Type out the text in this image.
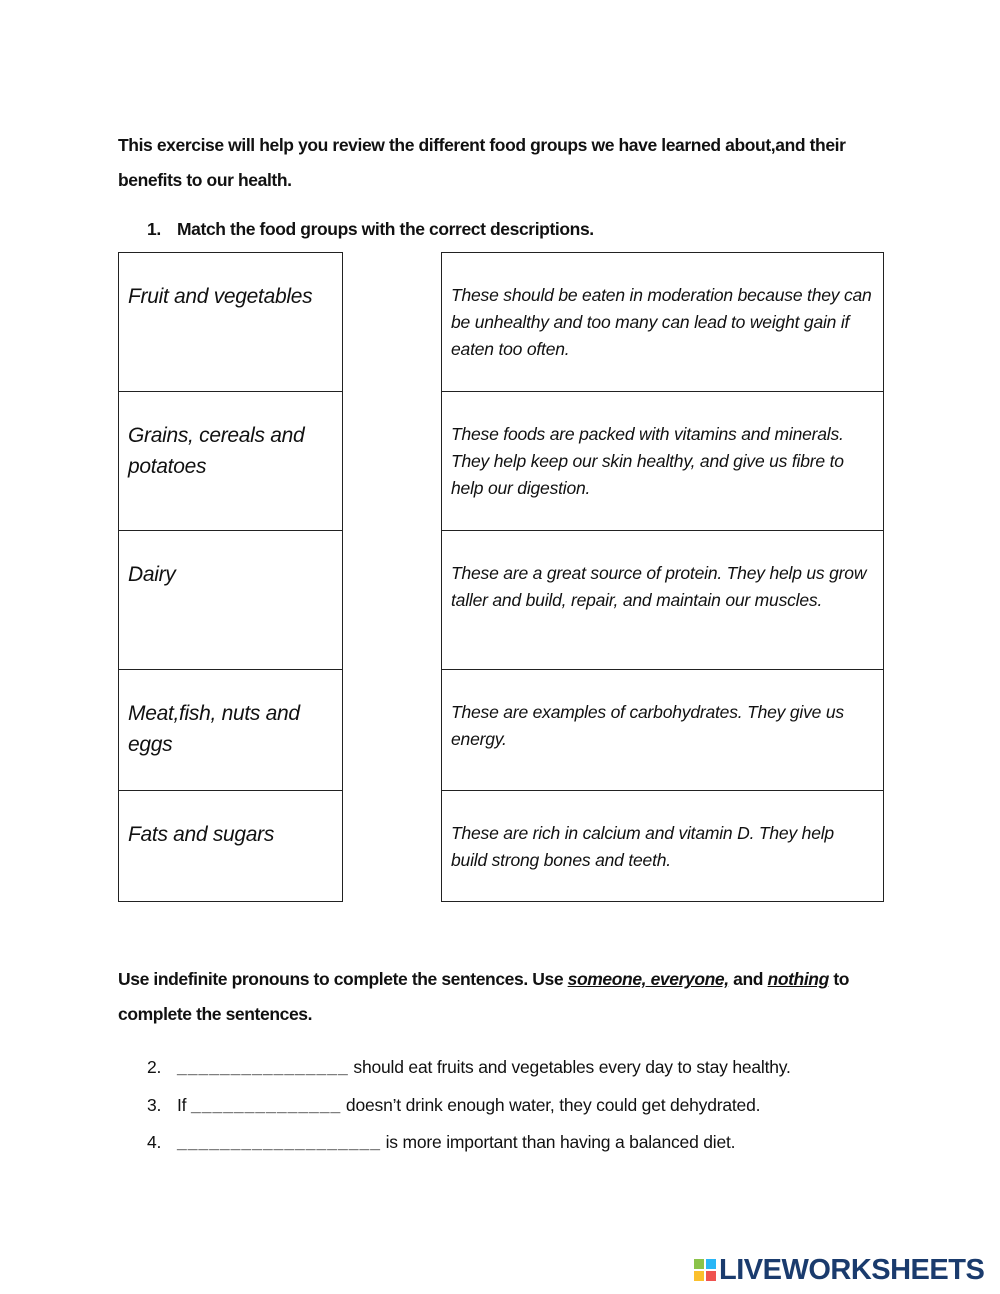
This exercise will help you review the different food groups we have learned about,and their benefits to our health.
1. Match the food groups with the correct descriptions.
Fruit and vegetables
Grains, cereals and potatoes
Dairy
Meat,fish, nuts and eggs
Fats and sugars
These should be eaten in moderation because they can be unhealthy and too many can lead to weight gain if eaten too often.
These foods are packed with vitamins and minerals. They help keep our skin healthy, and give us fibre to help our digestion.
These are a great source of protein. They help us grow taller and build, repair, and maintain our muscles.
These are examples of carbohydrates. They give us energy.
These are rich in calcium and vitamin D. They help build strong bones and teeth.
Use indefinite pronouns to complete the sentences. Use someone, everyone, and nothing to complete the sentences.
2. ________________ should eat fruits and vegetables every day to stay healthy.
3. If ______________ doesn’t drink enough water, they could get dehydrated.
4. ___________________ is more important than having a balanced diet.
LIVEWORKSHEETS
